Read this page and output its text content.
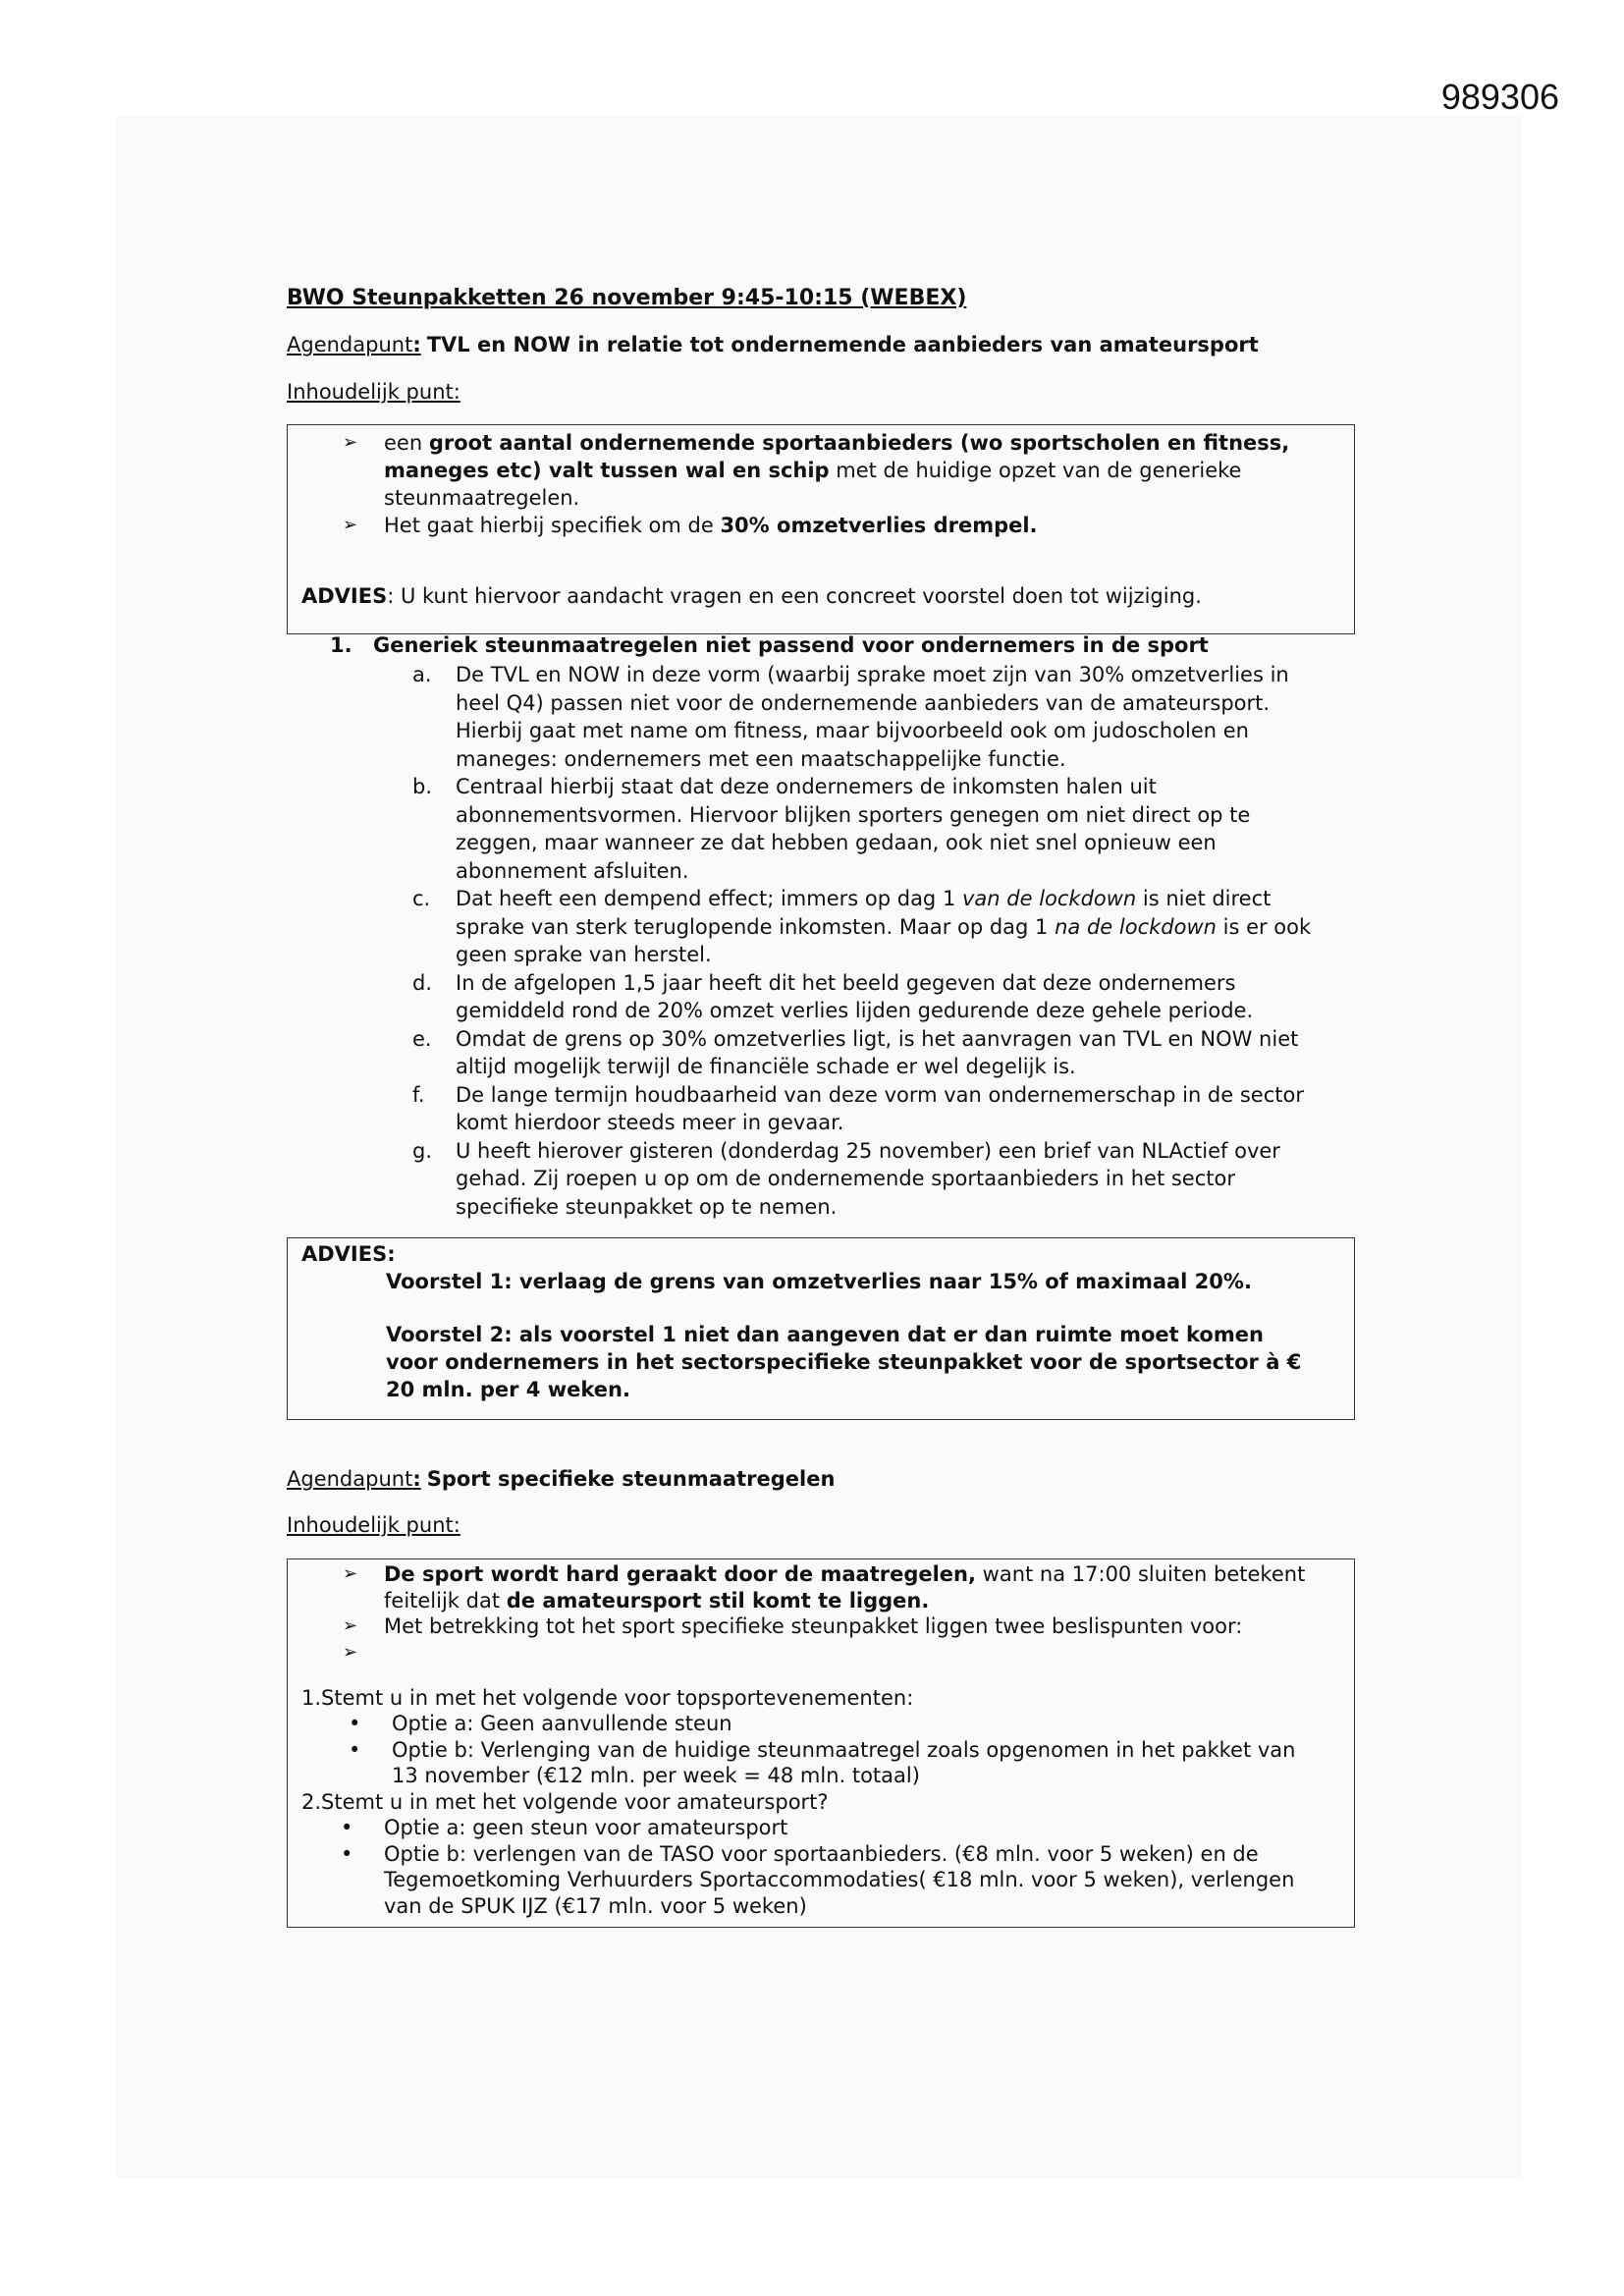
989306
BWO Steunpakketten 26 november 9:45-10:15 (WEBEX)
Agendapunt: TVL en NOW in relatie tot ondernemende aanbieders van amateursport
Inhoudelijk punt:
➢ een groot aantal ondernemende sportaanbieders (wo sportscholen en fitness,
maneges etc) valt tussen wal en schip met de huidige opzet van de generieke
steunmaatregelen.
➢ Het gaat hierbij specifiek om de 30% omzetverlies drempel.
ADVIES: U kunt hiervoor aandacht vragen en een concreet voorstel doen tot wijziging.
1. Generiek steunmaatregelen niet passend voor ondernemers in de sport
a. De TVL en NOW in deze vorm (waarbij sprake moet zijn van 30% omzetverlies in
heel Q4) passen niet voor de ondernemende aanbieders van de amateursport.
Hierbij gaat met name om fitness, maar bijvoorbeeld ook om judoscholen en
maneges: ondernemers met een maatschappelijke functie.
b. Centraal hierbij staat dat deze ondernemers de inkomsten halen uit
abonnementsvormen. Hiervoor blijken sporters genegen om niet direct op te
zeggen, maar wanneer ze dat hebben gedaan, ook niet snel opnieuw een
abonnement afsluiten.
c. Dat heeft een dempend effect; immers op dag 1 van de lockdown is niet direct
sprake van sterk teruglopende inkomsten. Maar op dag 1 na de lockdown is er ook
geen sprake van herstel.
d. In de afgelopen 1,5 jaar heeft dit het beeld gegeven dat deze ondernemers
gemiddeld rond de 20% omzet verlies lijden gedurende deze gehele periode.
e. Omdat de grens op 30% omzetverlies ligt, is het aanvragen van TVL en NOW niet
altijd mogelijk terwijl de financiële schade er wel degelijk is.
f. De lange termijn houdbaarheid van deze vorm van ondernemerschap in de sector
komt hierdoor steeds meer in gevaar.
g. U heeft hierover gisteren (donderdag 25 november) een brief van NLActief over
gehad. Zij roepen u op om de ondernemende sportaanbieders in het sector
specifieke steunpakket op te nemen.
ADVIES:
Voorstel 1: verlaag de grens van omzetverlies naar 15% of maximaal 20%.
Voorstel 2: als voorstel 1 niet dan aangeven dat er dan ruimte moet komen
voor ondernemers in het sectorspecifieke steunpakket voor de sportsector à €
20 mln. per 4 weken.
Agendapunt: Sport specifieke steunmaatregelen
Inhoudelijk punt:
➢ De sport wordt hard geraakt door de maatregelen, want na 17:00 sluiten betekent
feitelijk dat de amateursport stil komt te liggen.
➢ Met betrekking tot het sport specifieke steunpakket liggen twee beslispunten voor:
➢
1.Stemt u in met het volgende voor topsportevenementen:
• Optie a: Geen aanvullende steun
• Optie b: Verlenging van de huidige steunmaatregel zoals opgenomen in het pakket van
13 november (€12 mln. per week = 48 mln. totaal)
2.Stemt u in met het volgende voor amateursport?
• Optie a: geen steun voor amateursport
• Optie b: verlengen van de TASO voor sportaanbieders. (€8 mln. voor 5 weken) en de
Tegemoetkoming Verhuurders Sportaccommodaties( €18 mln. voor 5 weken), verlengen
van de SPUK IJZ (€17 mln. voor 5 weken)
